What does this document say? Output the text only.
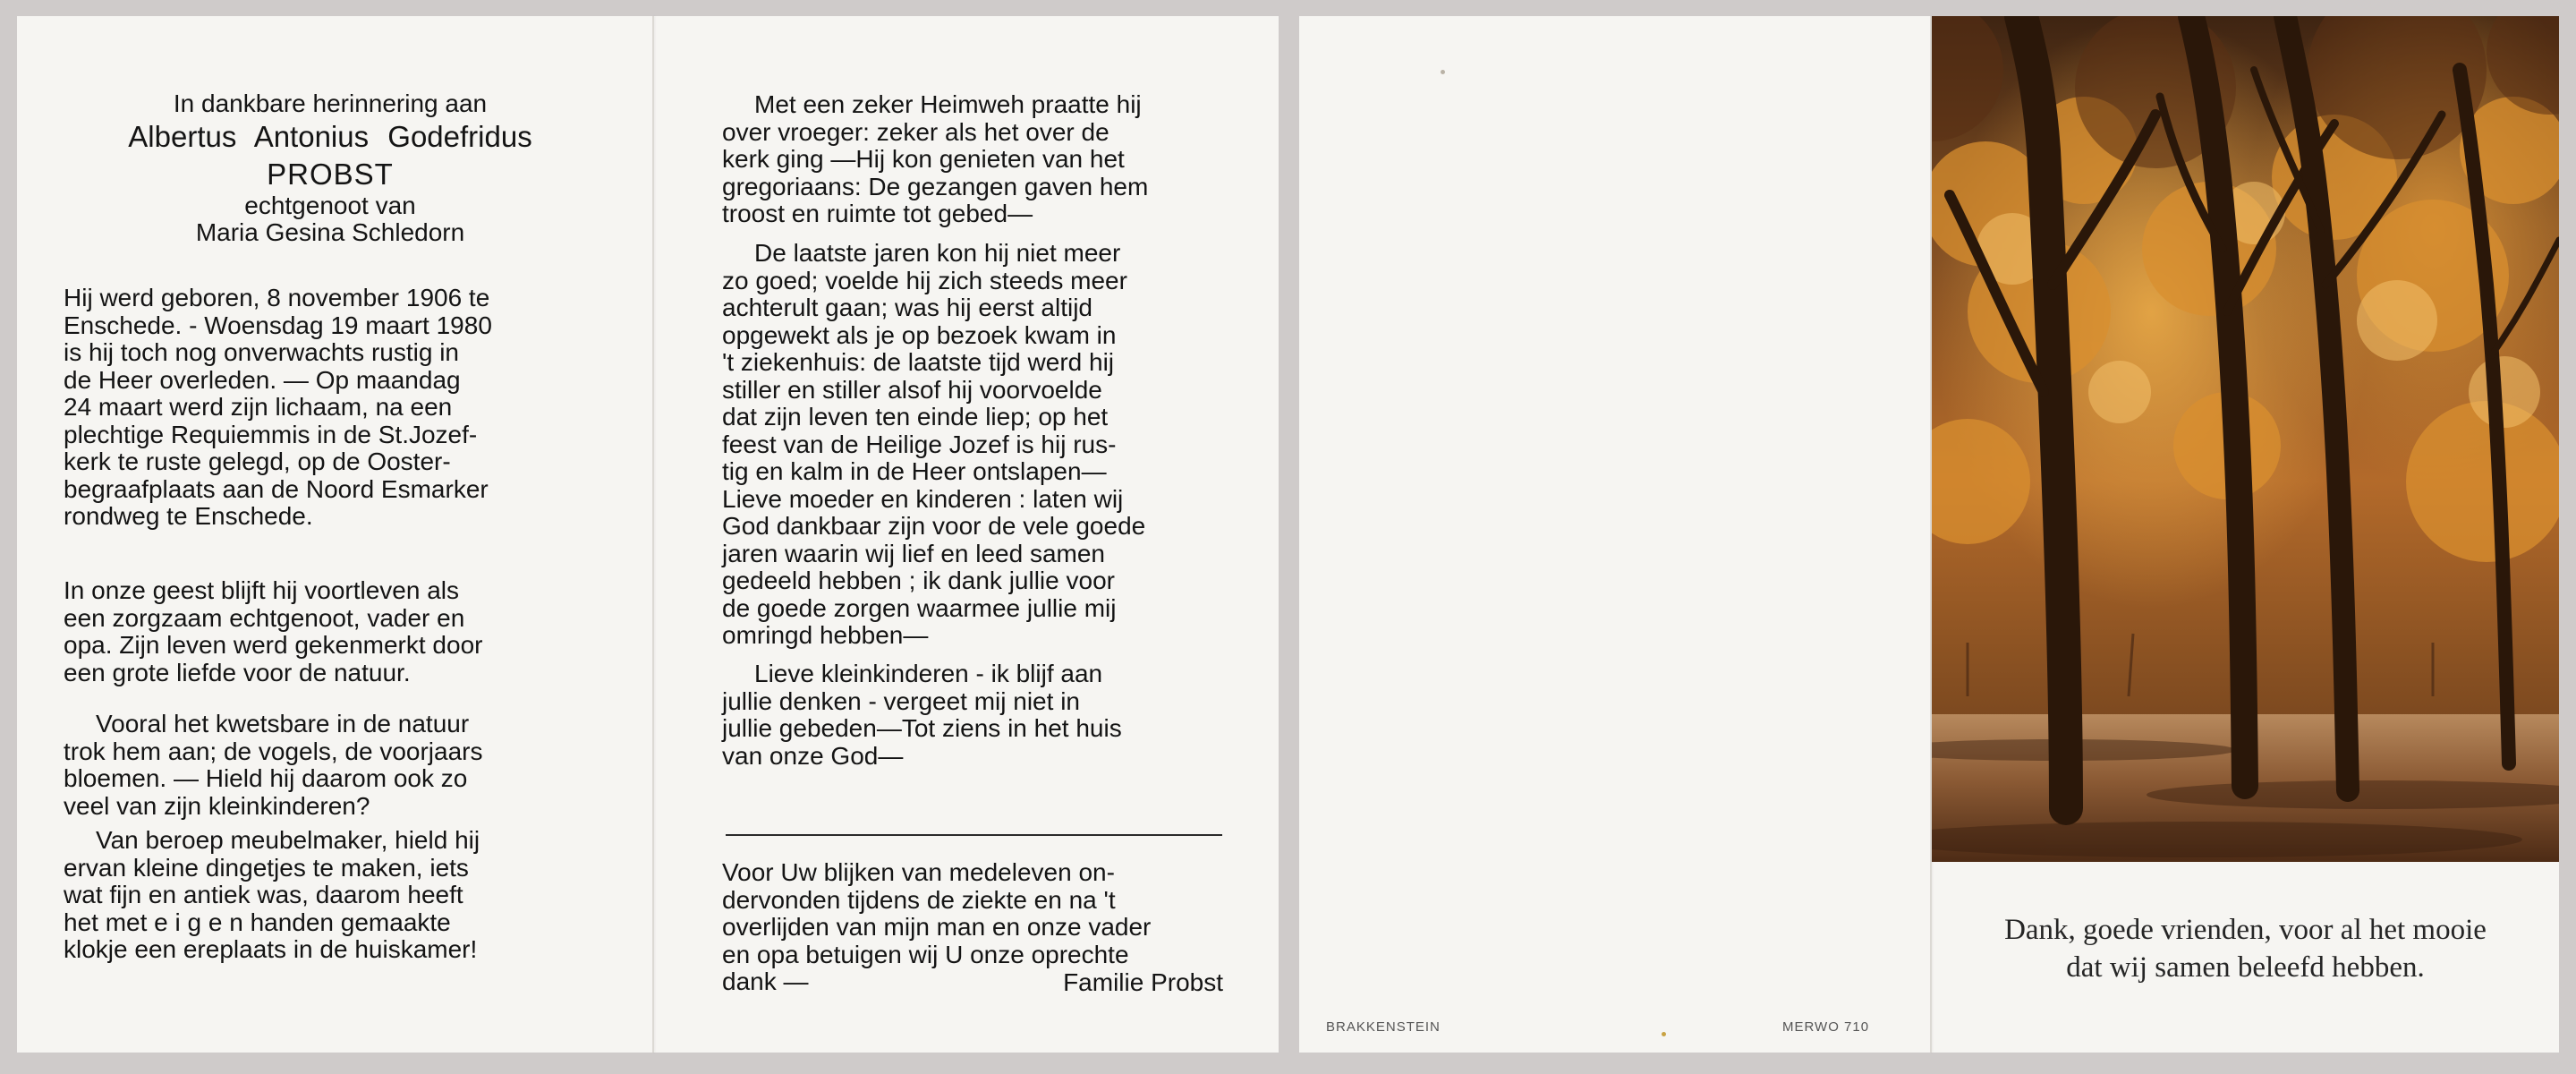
In dankbare herinnering aan
Albertus Antonius Godefridus
PROBST
echtgenoot van
Maria Gesina Schledorn
Hij werd geboren, 8 november 1906 te
Enschede. - Woensdag 19 maart 1980
is hij toch nog onverwachts rustig in
de Heer overleden. — Op maandag
24 maart werd zijn lichaam, na een
plechtige Requiemmis in de St.Jozef-
kerk te ruste gelegd, op de Ooster-
begraafplaats aan de Noord Esmarker
rondweg te Enschede.
In onze geest blijft hij voortleven als
een zorgzaam echtgenoot, vader en
opa. Zijn leven werd gekenmerkt door
een grote liefde voor de natuur.
Vooral het kwetsbare in de natuur
trok hem aan; de vogels, de voorjaars
bloemen. — Hield hij daarom ook zo
veel van zijn kleinkinderen?
Van beroep meubelmaker, hield hij
ervan kleine dingetjes te maken, iets
wat fijn en antiek was, daarom heeft
het met e i g e n handen gemaakte
klokje een ereplaats in de huiskamer!
Met een zeker Heimweh praatte hij
over vroeger: zeker als het over de
kerk ging —Hij kon genieten van het
gregoriaans: De gezangen gaven hem
troost en ruimte tot gebed—
De laatste jaren kon hij niet meer
zo goed; voelde hij zich steeds meer
achterult gaan; was hij eerst altijd
opgewekt als je op bezoek kwam in
't ziekenhuis: de laatste tijd werd hij
stiller en stiller alsof hij voorvoelde
dat zijn leven ten einde liep; op het
feest van de Heilige Jozef is hij rus-
tig en kalm in de Heer ontslapen—
Lieve moeder en kinderen : laten wij
God dankbaar zijn voor de vele goede
jaren waarin wij lief en leed samen
gedeeld hebben ; ik dank jullie voor
de goede zorgen waarmee jullie mij
omringd hebben—
Lieve kleinkinderen - ik blijf aan
jullie denken - vergeet mij niet in
jullie gebeden—Tot ziens in het huis
van onze God—
Voor Uw blijken van medeleven on-
dervonden tijdens de ziekte en na 't
overlijden van mijn man en onze vader
en opa betuigen wij U onze oprechte
dank —	Familie Probst
BRAKKENSTEIN	MERWO 710
Dank, goede vrienden, voor al het mooie
dat wij samen beleefd hebben.
